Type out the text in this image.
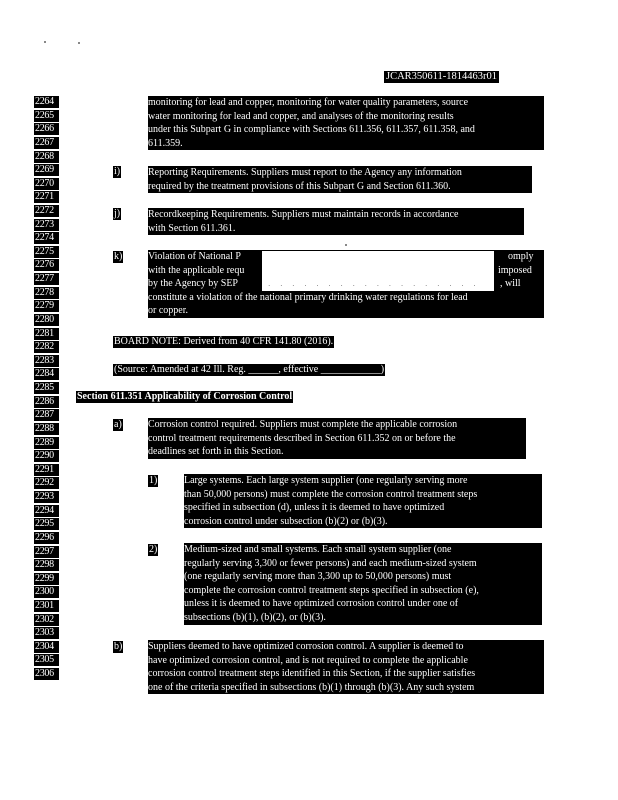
JCAR350611-1814463r01
2264
2265
2266
2267
2268
2269
2270
2271
2272
2273
2274
2275
2276
2277
2278
2279
2280
2281
2282
2283
2284
2285
2286
2287
2288
2289
2290
2291
2292
2293
2294
2295
2296
2297
2298
2299
2300
2301
2302
2303
2304
2305
2306
monitoring for lead and copper, monitoring for water quality parameters, source
water monitoring for lead and copper, and analyses of the monitoring results
under this Subpart G in compliance with Sections 611.356, 611.357, 611.358, and
611.359.
i)	Reporting Requirements. Suppliers must report to the Agency any information
required by the treatment provisions of this Subpart G and Section 611.360.
j)	Recordkeeping Requirements. Suppliers must maintain records in accordance
with Section 611.361.
k)	Violation of National P	omply
with the applicable requ	imposed
by the Agency by SEP	, will
constitute a violation of the national primary drinking water regulations for lead
or copper.
· · · · · · · · · · · · · · · · · ·
BOARD NOTE: Derived from 40 CFR 141.80 (2016).
(Source: Amended at 42 Ill. Reg. ______, effective ____________)
Section 611.351 Applicability of Corrosion Control
a)	Corrosion control required. Suppliers must complete the applicable corrosion
control treatment requirements described in Section 611.352 on or before the
deadlines set forth in this Section.
1)	Large systems. Each large system supplier (one regularly serving more
than 50,000 persons) must complete the corrosion control treatment steps
specified in subsection (d), unless it is deemed to have optimized
corrosion control under subsection (b)(2) or (b)(3).
2)	Medium-sized and small systems. Each small system supplier (one
regularly serving 3,300 or fewer persons) and each medium-sized system
(one regularly serving more than 3,300 up to 50,000 persons) must
complete the corrosion control treatment steps specified in subsection (e),
unless it is deemed to have optimized corrosion control under one of
subsections (b)(1), (b)(2), or (b)(3).
b)	Suppliers deemed to have optimized corrosion control. A supplier is deemed to
have optimized corrosion control, and is not required to complete the applicable
corrosion control treatment steps identified in this Section, if the supplier satisfies
one of the criteria specified in subsections (b)(1) through (b)(3). Any such system
